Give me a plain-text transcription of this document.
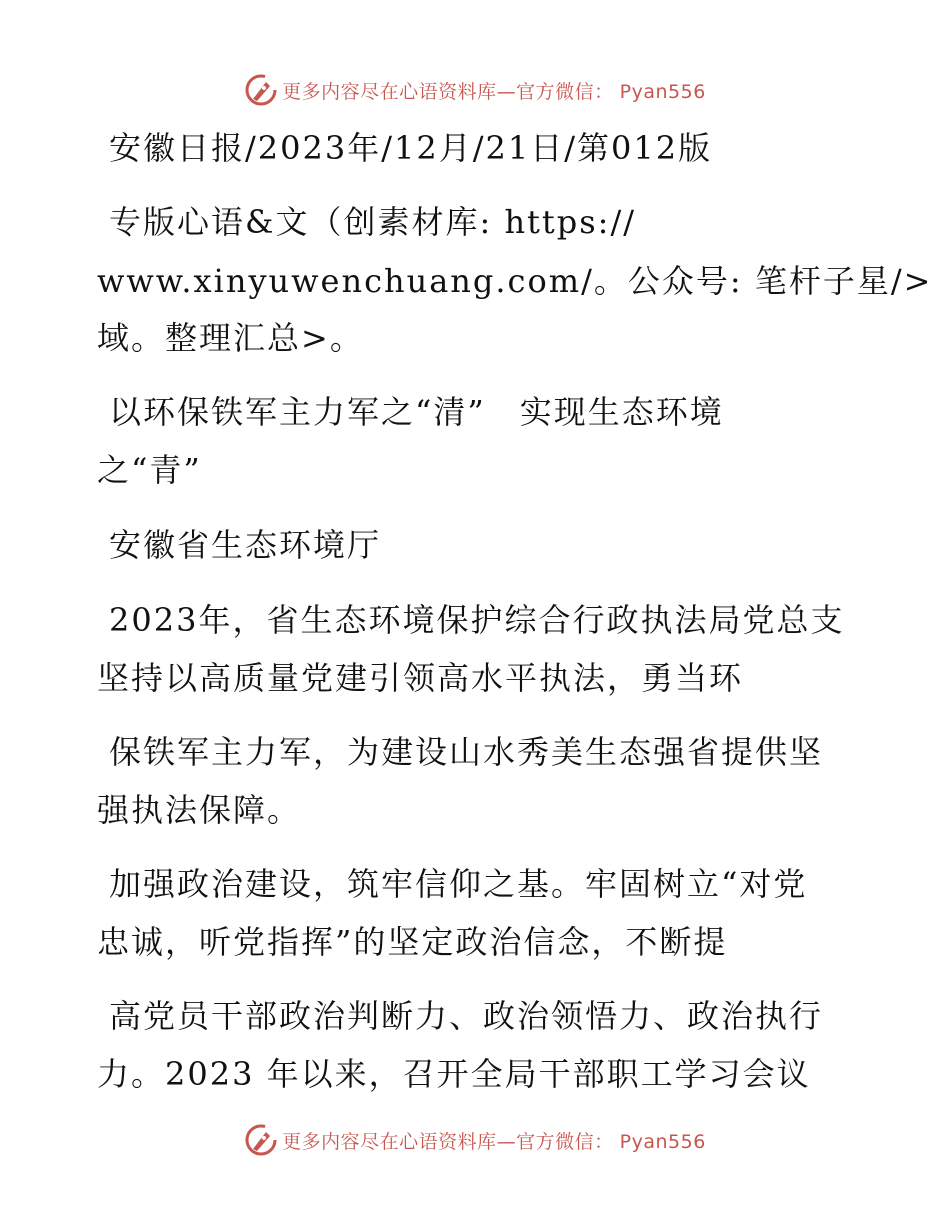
更多内容尽在心语资料库—官方微信： Pyan556
安徽日报/2023年/12月/21日/第012版
专版心语&文（创素材库: https://
www.xinyuwenchuang.com/。公众号: 笔杆子星/>
域。整理汇总>。
以环保铁军主力军之“清”　实现生态环境
之“青”
安徽省生态环境厅
2023年，省生态环境保护综合行政执法局党总支
坚持以高质量党建引领高水平执法，勇当环
保铁军主力军，为建设山水秀美生态强省提供坚
强执法保障。
加强政治建设，筑牢信仰之基。牢固树立“对党
忠诚，听党指挥”的坚定政治信念，不断提
高党员干部政治判断力、政治领悟力、政治执行
力。2023 年以来，召开全局干部职工学习会议
更多内容尽在心语资料库—官方微信： Pyan556
